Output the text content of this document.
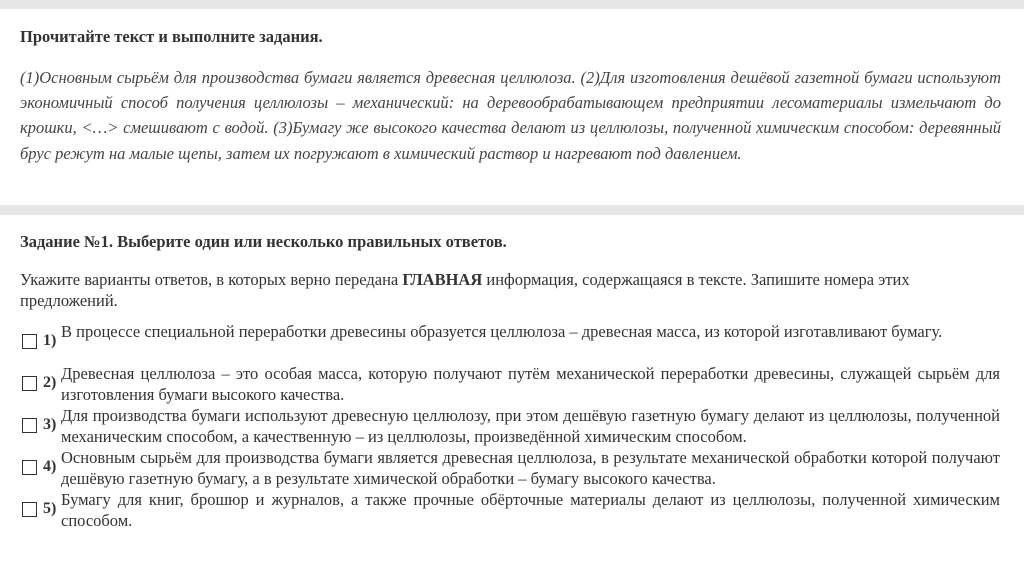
Прочитайте текст и выполните задания.
(1)Основным сырьём для производства бумаги является древесная целлюлоза. (2)Для изготовления дешёвой газетной бумаги используют экономичный способ получения целлюлозы – механический: на деревообрабатывающем предприятии лесоматериалы измельчают до крошки, <…> смешивают с водой. (3)Бумагу же высокого качества делают из целлюлозы, полученной химическим способом: деревянный брус режут на малые щепы, затем их погружают в химический раствор и нагревают под давлением.
Задание №1. Выберите один или несколько правильных ответов.
Укажите варианты ответов, в которых верно передана ГЛАВНАЯ информация, содержащаяся в тексте. Запишите номера этих предложений.
1) В процессе специальной переработки древесины образуется целлюлоза – древесная масса, из которой изготавливают бумагу.
2) Древесная целлюлоза – это особая масса, которую получают путём механической переработки древесины, служащей сырьём для изготовления бумаги высокого качества.
3) Для производства бумаги используют древесную целлюлозу, при этом дешёвую газетную бумагу делают из целлюлозы, полученной механическим способом, а качественную – из целлюлозы, произведённой химическим способом.
4) Основным сырьём для производства бумаги является древесная целлюлоза, в результате механической обработки которой получают дешёвую газетную бумагу, а в результате химической обработки – бумагу высокого качества.
5) Бумагу для книг, брошюр и журналов, а также прочные обёрточные материалы делают из целлюлозы, полученной химическим способом.
